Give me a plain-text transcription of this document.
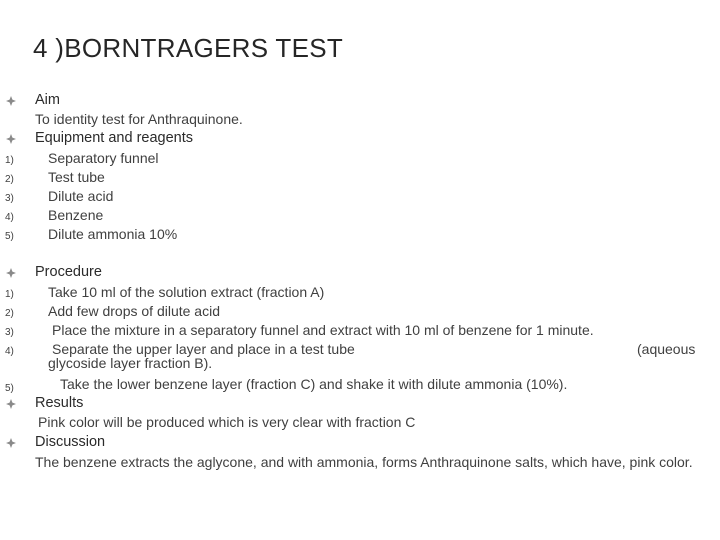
4 )BORNTRAGERS TEST
Aim
To identity test for Anthraquinone.
Equipment and reagents
1) Separatory funnel
2) Test tube
3) Dilute acid
4) Benzene
5) Dilute ammonia 10%
Procedure
1) Take 10 ml of the solution extract (fraction A)
2) Add few drops of dilute acid
3)	Place the mixture in a separatory funnel and extract with 10 ml of benzene for 1 minute.
4)	Separate the upper layer and place in a test tube	(aqueous
glycoside layer fraction B).
5)	Take the lower benzene layer (fraction C) and shake it with dilute ammonia (10%).
Results
Pink color will be produced which is very clear with fraction C
Discussion
The benzene extracts the aglycone, and with ammonia, forms Anthraquinone salts, which have, pink color.
